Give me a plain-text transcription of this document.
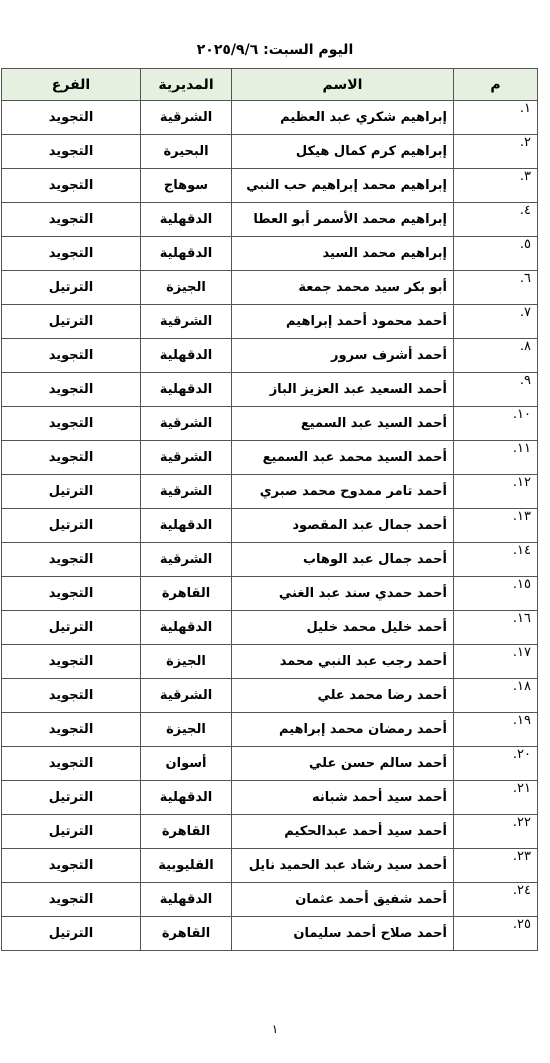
اليوم السبت: ٢٠٢٥/٩/٦
م	الاسم	المديرية	الفرع
١.	إبراهيم شكري عبد العظيم	الشرقية	التجويد
٢.	إبراهيم كرم كمال هيكل	البحيرة	التجويد
٣.	إبراهيم محمد إبراهيم حب النبي	سوهاج	التجويد
٤.	إبراهيم محمد الأسمر أبو العطا	الدقهلية	التجويد
٥.	إبراهيم محمد السيد	الدقهلية	التجويد
٦.	أبو بكر سيد محمد جمعة	الجيزة	الترتيل
٧.	أحمد محمود أحمد إبراهيم	الشرقية	الترتيل
٨.	أحمد أشرف سرور	الدقهلية	التجويد
٩.	أحمد السعيد عبد العزيز الباز	الدقهلية	التجويد
١٠.	أحمد السيد عبد السميع	الشرقية	التجويد
١١.	أحمد السيد محمد عبد السميع	الشرقية	التجويد
١٢.	أحمد تامر ممدوح محمد صبري	الشرقية	الترتيل
١٣.	أحمد جمال عبد المقصود	الدقهلية	الترتيل
١٤.	أحمد جمال عبد الوهاب	الشرقية	التجويد
١٥.	أحمد حمدي سند عبد الغني	القاهرة	التجويد
١٦.	أحمد خليل محمد خليل	الدقهلية	الترتيل
١٧.	أحمد رجب عبد النبي محمد	الجيزة	التجويد
١٨.	أحمد رضا محمد علي	الشرقية	التجويد
١٩.	أحمد رمضان محمد إبراهيم	الجيزة	التجويد
٢٠.	أحمد سالم حسن علي	أسوان	التجويد
٢١.	أحمد سيد أحمد شبانه	الدقهلية	الترتيل
٢٢.	أحمد سيد أحمد عبدالحكيم	القاهرة	الترتيل
٢٣.	أحمد سيد رشاد عبد الحميد نايل	القليوبية	التجويد
٢٤.	أحمد شفيق أحمد عثمان	الدقهلية	التجويد
٢٥.	أحمد صلاح أحمد سليمان	القاهرة	الترتيل
١
